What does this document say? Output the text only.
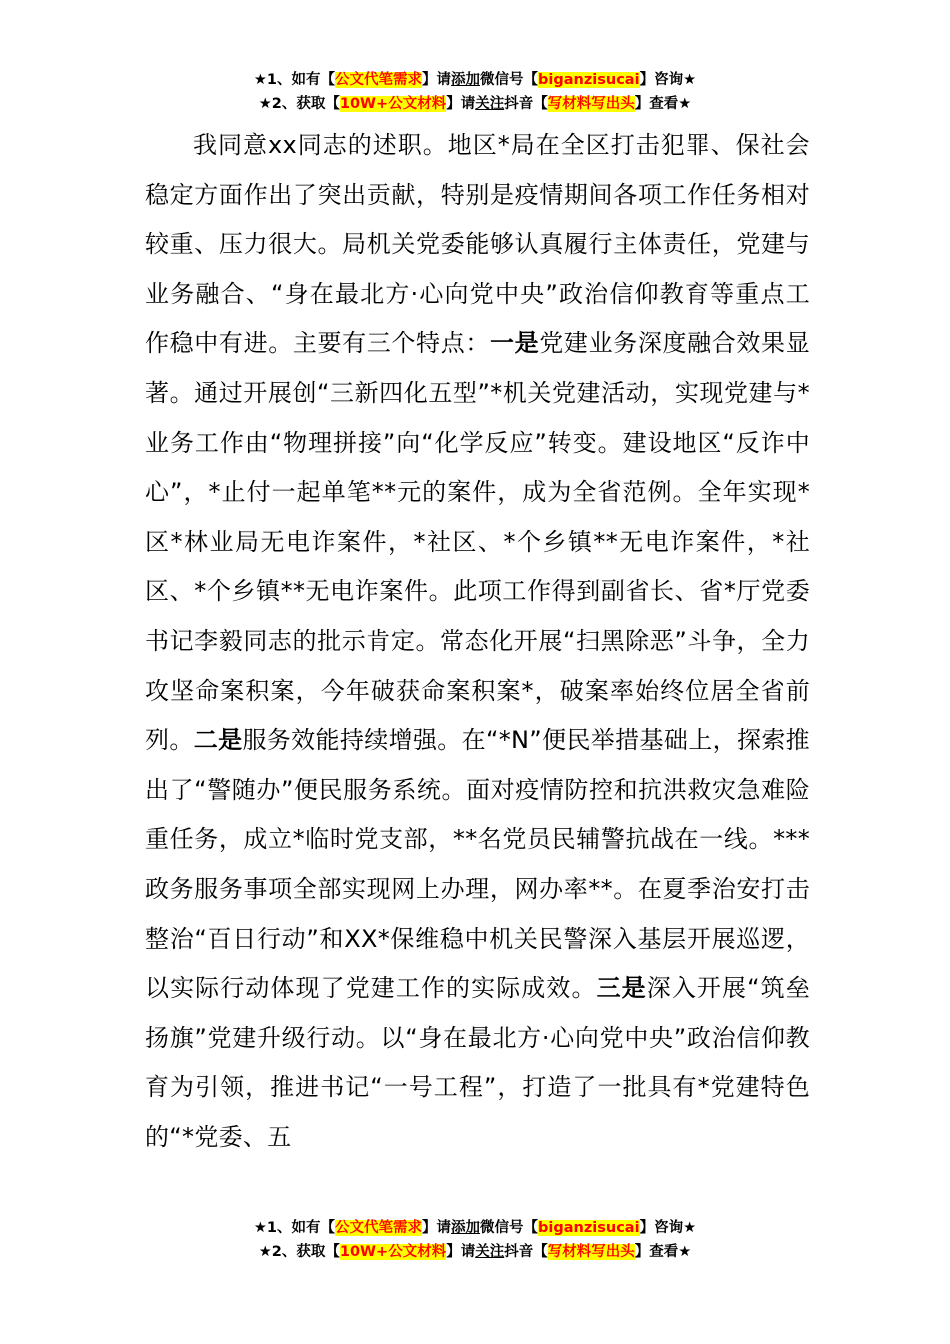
★1、如有【公文代笔需求】请添加微信号【biganzisucai】咨询★
★2、获取【10W+公文材料】请关注抖音【写材料写出头】查看★

我同意xx同志的述职。地区*局在全区打击犯罪、保社会稳定方面作出了突出贡献，特别是疫情期间各项工作任务相对较重、压力很大。局机关党委能够认真履行主体责任，党建与业务融合、“身在最北方·心向党中央”政治信仰教育等重点工作稳中有进。主要有三个特点：一是党建业务深度融合效果显著。通过开展创“三新四化五型”*机关党建活动，实现党建与*业务工作由“物理拼接”向“化学反应”转变。建设地区“反诈中心”，*止付一起单笔**元的案件，成为全省范例。全年实现*区*林业局无电诈案件，*社区、*个乡镇**无电诈案件，*社区、*个乡镇**无电诈案件。此项工作得到副省长、省*厅党委书记李毅同志的批示肯定。常态化开展“扫黑除恶”斗争，全力攻坚命案积案，今年破获命案积案*，破案率始终位居全省前列。二是服务效能持续增强。在“*N”便民举措基础上，探索推出了“警随办”便民服务系统。面对疫情防控和抗洪救灾急难险重任务，成立*临时党支部，**名党员民辅警抗战在一线。***政务服务事项全部实现网上办理，网办率**。在夏季治安打击整治“百日行动”和XX*保维稳中机关民警深入基层开展巡逻，以实际行动体现了党建工作的实际成效。三是深入开展“筑垒扬旗”党建升级行动。以“身在最北方·心向党中央”政治信仰教育为引领，推进书记“一号工程”，打造了一批具有*党建特色的“*党委、五

★1、如有【公文代笔需求】请添加微信号【biganzisucai】咨询★
★2、获取【10W+公文材料】请关注抖音【写材料写出头】查看★
